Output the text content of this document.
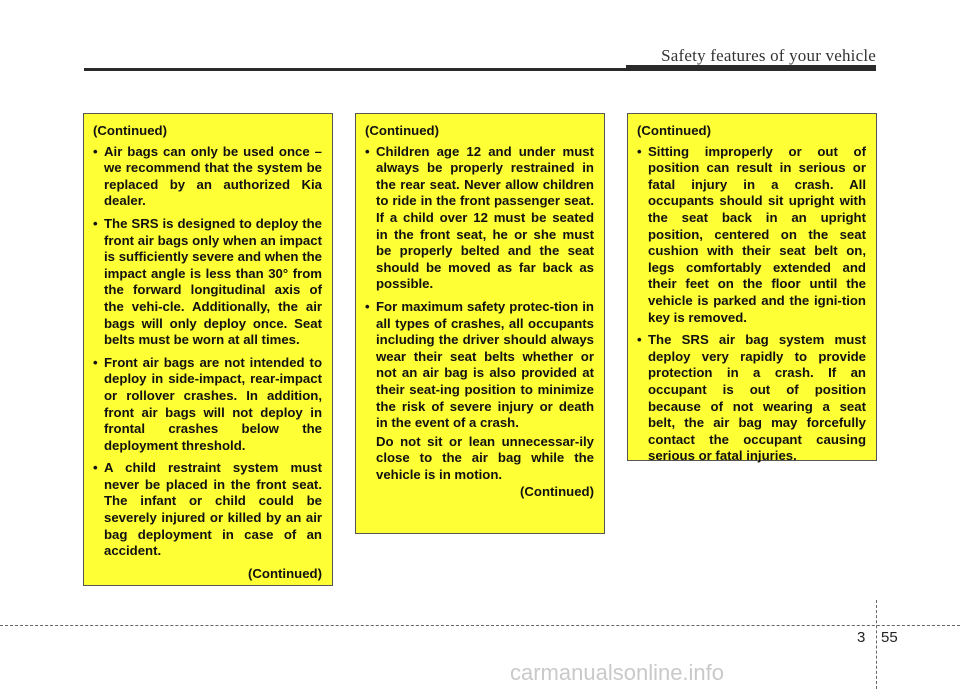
Safety features of your vehicle
(Continued)
• Air bags can only be used once – we recommend that the system be replaced by an authorized Kia dealer.
• The SRS is designed to deploy the front air bags only when an impact is sufficiently severe and when the impact angle is less than 30° from the forward longitudinal axis of the vehi-cle. Additionally, the air bags will only deploy once. Seat belts must be worn at all times.
• Front air bags are not intended to deploy in side-impact, rear-impact or rollover crashes. In addition, front air bags will not deploy in frontal crashes below the deployment threshold.
• A child restraint system must never be placed in the front seat. The infant or child could be severely injured or killed by an air bag deployment in case of an accident.
(Continued)
(Continued)
• Children age 12 and under must always be properly restrained in the rear seat. Never allow children to ride in the front passenger seat. If a child over 12 must be seated in the front seat, he or she must be properly belted and the seat should be moved as far back as possible.
• For maximum safety protec-tion in all types of crashes, all occupants including the driver should always wear their seat belts whether or not an air bag is also provided at their seat-ing position to minimize the risk of severe injury or death in the event of a crash.
Do not sit or lean unnecessar-ily close to the air bag while the vehicle is in motion.
(Continued)
(Continued)
• Sitting improperly or out of position can result in serious or fatal injury in a crash. All occupants should sit upright with the seat back in an upright position, centered on the seat cushion with their seat belt on, legs comfortably extended and their feet on the floor until the vehicle is parked and the igni-tion key is removed.
• The SRS air bag system must deploy very rapidly to provide protection in a crash. If an occupant is out of position because of not wearing a seat belt, the air bag may forcefully contact the occupant causing serious or fatal injuries.
3 55
carmanualsonline.info
